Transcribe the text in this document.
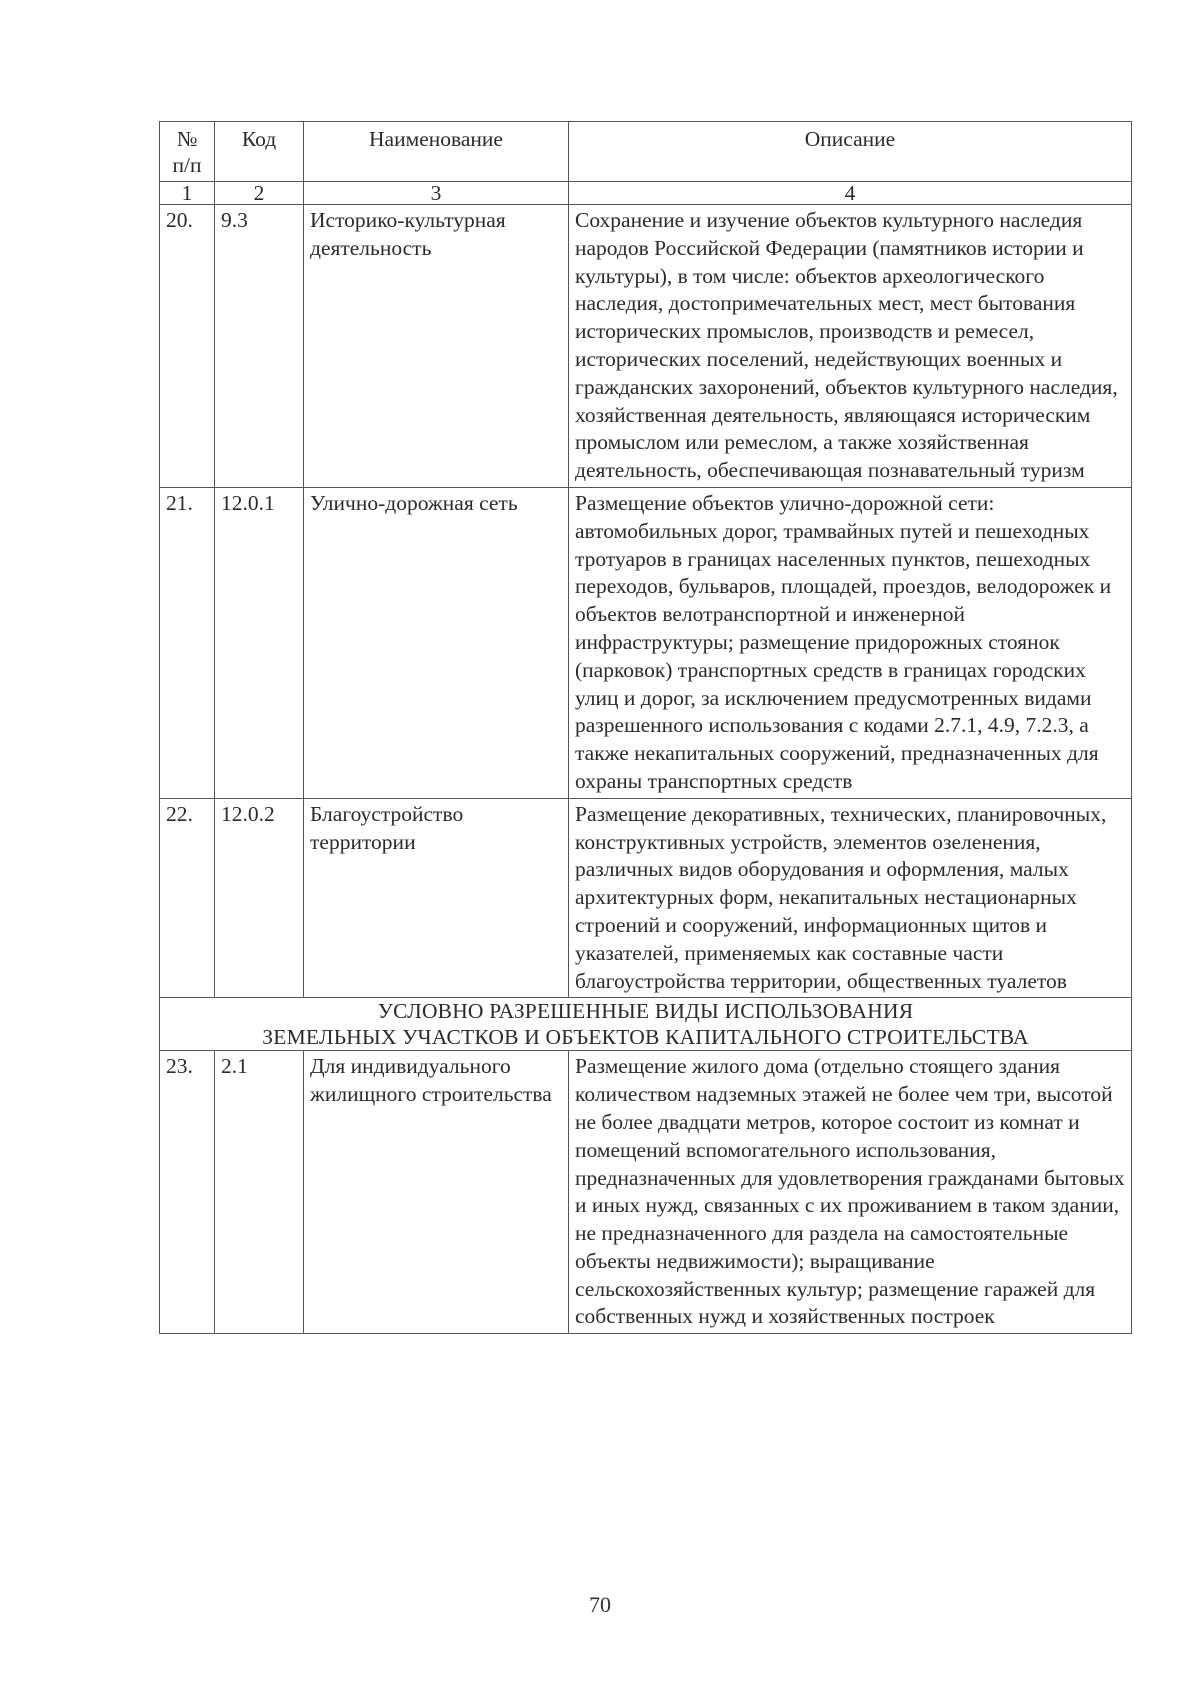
№ п/п	Код	Наименование	Описание
1	2	3	4
20.	9.3	Историко-культурная деятельность	Сохранение и изучение объектов культурного наследия народов Российской Федерации (памятников истории и культуры), в том числе: объектов археологического наследия, достопримечательных мест, мест бытования исторических промыслов, производств и ремесел, исторических поселений, недействующих военных и гражданских захоронений, объектов культурного наследия, хозяйственная деятельность, являющаяся историческим промыслом или ремеслом, а также хозяйственная деятельность, обеспечивающая познавательный туризм
21.	12.0.1	Улично-дорожная сеть	Размещение объектов улично-дорожной сети: автомобильных дорог, трамвайных путей и пешеходных тротуаров в границах населенных пунктов, пешеходных переходов, бульваров, площадей, проездов, велодорожек и объектов велотранспортной и инженерной инфраструктуры; размещение придорожных стоянок (парковок) транспортных средств в границах городских улиц и дорог, за исключением предусмотренных видами разрешенного использования с кодами 2.7.1, 4.9, 7.2.3, а также некапитальных сооружений, предназначенных для охраны транспортных средств
22.	12.0.2	Благоустройство территории	Размещение декоративных, технических, планировочных, конструктивных устройств, элементов озеленения, различных видов оборудования и оформления, малых архитектурных форм, некапитальных нестационарных строений и сооружений, информационных щитов и указателей, применяемых как составные части благоустройства территории, общественных туалетов

УСЛОВНО РАЗРЕШЕННЫЕ ВИДЫ ИСПОЛЬЗОВАНИЯ
ЗЕМЕЛЬНЫХ УЧАСТКОВ И ОБЪЕКТОВ КАПИТАЛЬНОГО СТРОИТЕЛЬСТВА			

23.	2.1	Для индивидуального жилищного строительства	Размещение жилого дома (отдельно стоящего здания количеством надземных этажей не более чем три, высотой не более двадцати метров, которое состоит из комнат и помещений вспомогательного использования, предназначенных для удовлетворения гражданами бытовых и иных нужд, связанных с их проживанием в таком здании, не предназначенного для раздела на самостоятельные объекты недвижимости); выращивание сельскохозяйственных культур; размещение гаражей для собственных нужд и хозяйственных построек
70
